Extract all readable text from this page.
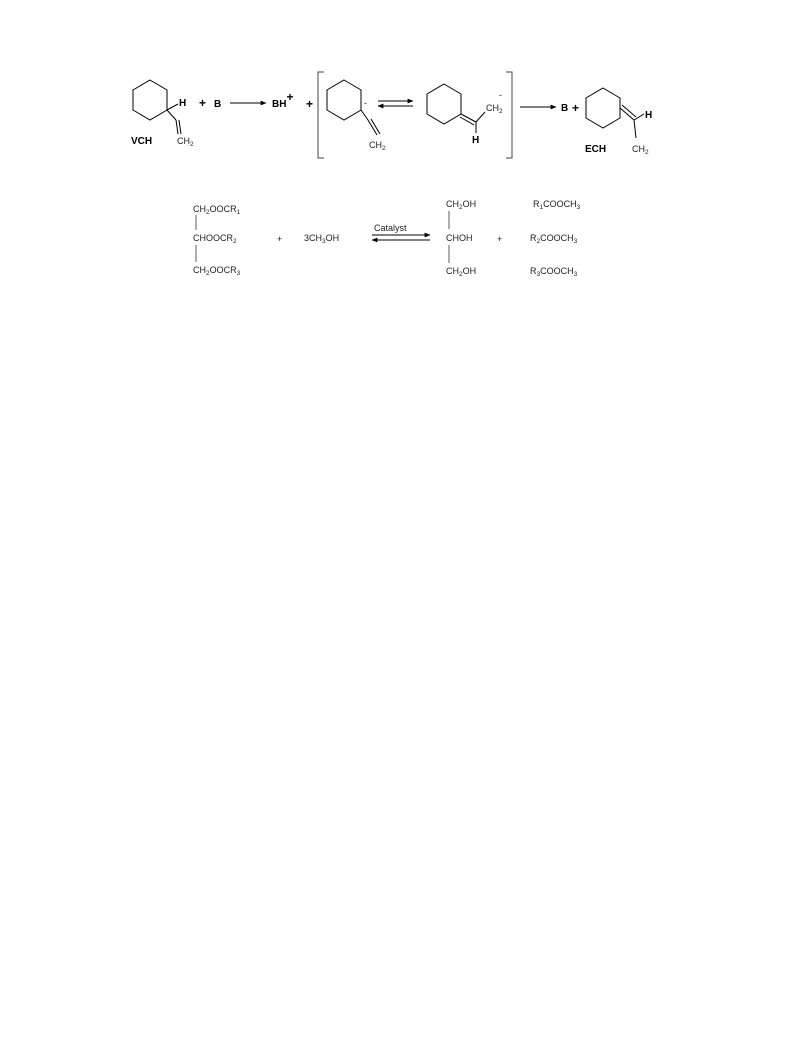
H
$CH_2$
VCH
+ B	BH+ +	-
$CH_2$
H
$CH_2$
-
B +
H
$CH_2$
ECH
$CH_2OOCR_1$
$CHOOCR_2$
$CH_2OOCR_3$
+ $3CH_3OH$
Catalyst
$CH_2OH$
CHOH
$CH_2OH$
+
$R_1COOCH_3$
$R_2COOCH_3$
$R_3COOCH_3$
